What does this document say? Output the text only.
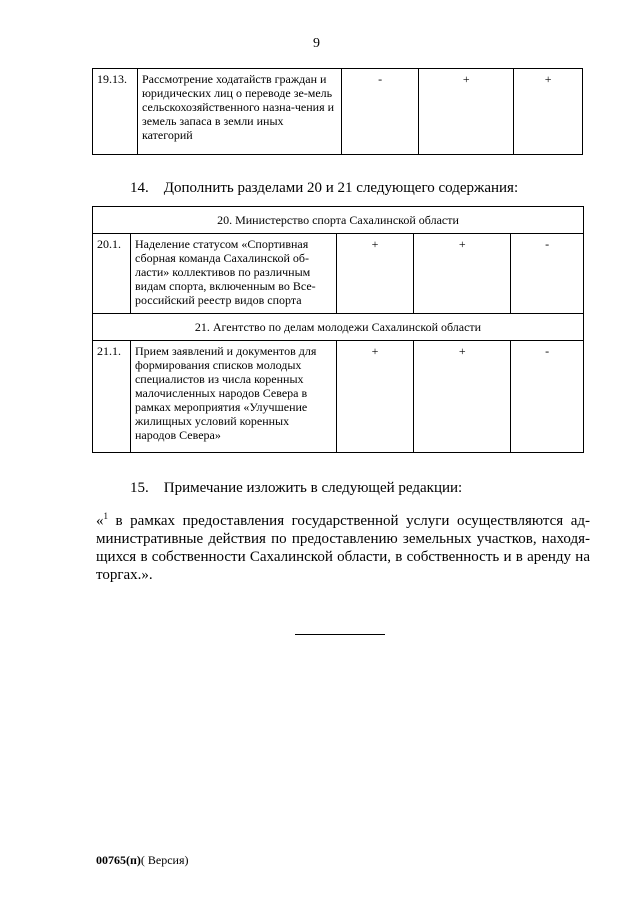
9
19.13.	Рассмотрение ходатайств граждан и юридических лиц о переводе зе-мель сельскохозяйственного назна-чения и земель запаса в земли иных категорий	-	+	+
14. Дополнить разделами 20 и 21 следующего содержания:
20. Министерство спорта Сахалинской области				
20.1.	Наделение статусом «Спортивная сборная команда Сахалинской об-ласти» коллективов по различным видам спорта, включенным во Все-российский реестр видов спорта	+	+	-
21. Агентство по делам молодежи Сахалинской области				
21.1.	Прием заявлений и документов для формирования списков молодых специалистов из числа коренных малочисленных народов Севера в рамках мероприятия «Улучшение жилищных условий коренных народов Севера»	+	+	-
15. Примечание изложить в следующей редакции:
«$^1$ в рамках предоставления государственной услуги осуществляются ад-министративные действия по предоставлению земельных участков, находя-щихся в собственности Сахалинской области, в собственность и в аренду на торгах.».
00765(п)( Версия)
